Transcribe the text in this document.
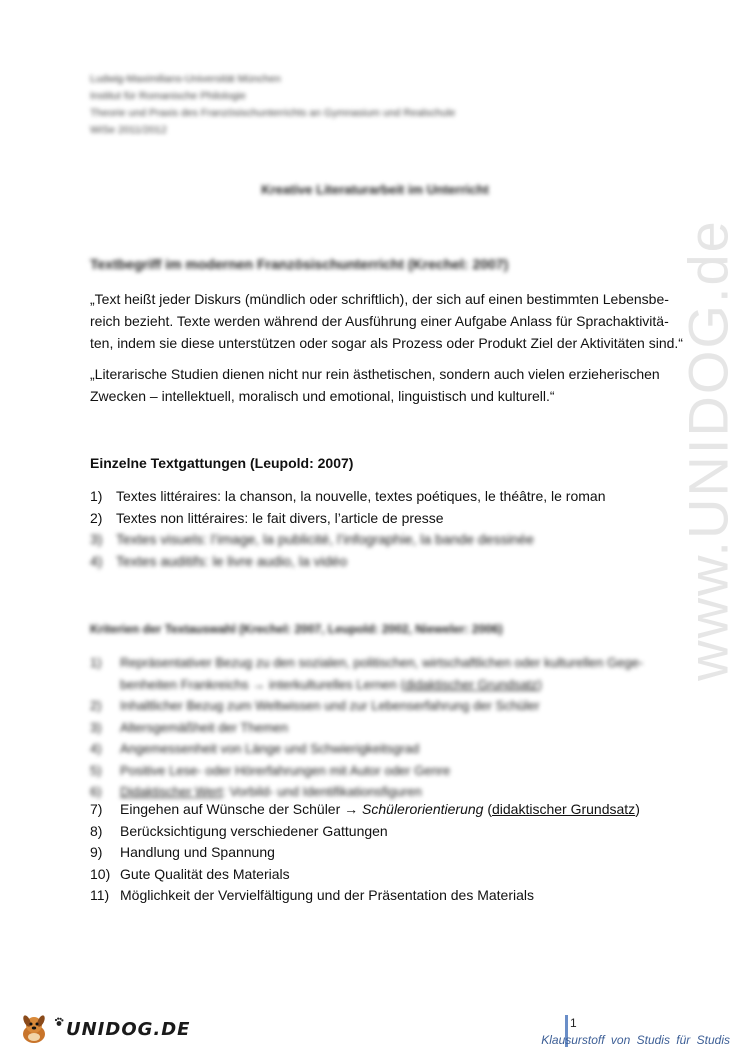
Ludwig-Maximilians-Universität München
Institut für Romanische Philologie
Theorie und Praxis des Französischunterrichts an Gymnasium und Realschule
WiSe 2011/2012
Kreative Literaturarbeit im Unterricht
Textbegriff im modernen Französischunterricht (Krechel: 2007)
„Text heißt jeder Diskurs (mündlich oder schriftlich), der sich auf einen bestimmten Lebensbe-
reich bezieht. Texte werden während der Ausführung einer Aufgabe Anlass für Sprachaktivitä-
ten, indem sie diese unterstützen oder sogar als Prozess oder Produkt Ziel der Aktivitäten sind.“
„Literarische Studien dienen nicht nur rein ästhetischen, sondern auch vielen erzieherischen
Zwecken – intellektuell, moralisch und emotional, linguistisch und kulturell.“
Einzelne Textgattungen (Leupold: 2007)
1) Textes littéraires: la chanson, la nouvelle, textes poétiques, le théâtre, le roman
2) Textes non littéraires: le fait divers, l’article de presse
3) Textes visuels: l’image, la publicité, l’infographie, la bande dessinée
4) Textes auditifs: le livre audio, la vidéo
Kriterien der Textauswahl (Krechel: 2007, Leupold: 2002, Nieweler: 2006)
1)	Repräsentativer Bezug zu den sozialen, politischen, wirtschaftlichen oder kulturellen Gege-
benheiten Frankreichs → interkulturelles Lernen (didaktischer Grundsatz)
2)	Inhaltlicher Bezug zum Weltwissen und zur Lebenserfahrung der Schüler
3)	Altersgemäßheit der Themen
4)	Angemessenheit von Länge und Schwierigkeitsgrad
5)	Positive Lese- oder Hörerfahrungen mit Autor oder Genre
6)	Didaktischer Wert: Vorbild- und Identifikationsfiguren
7)	Eingehen auf Wünsche der Schüler → Schülerorientierung (didaktischer Grundsatz)
8)	Berücksichtigung verschiedener Gattungen
9)	Handlung und Spannung
10) Gute Qualität des Materials
11) Möglichkeit der Vervielfältigung und der Präsentation des Materials
www.UNIDOG.de
UNIDOG.DE	1
Klausurstoff von Studis für Studis
